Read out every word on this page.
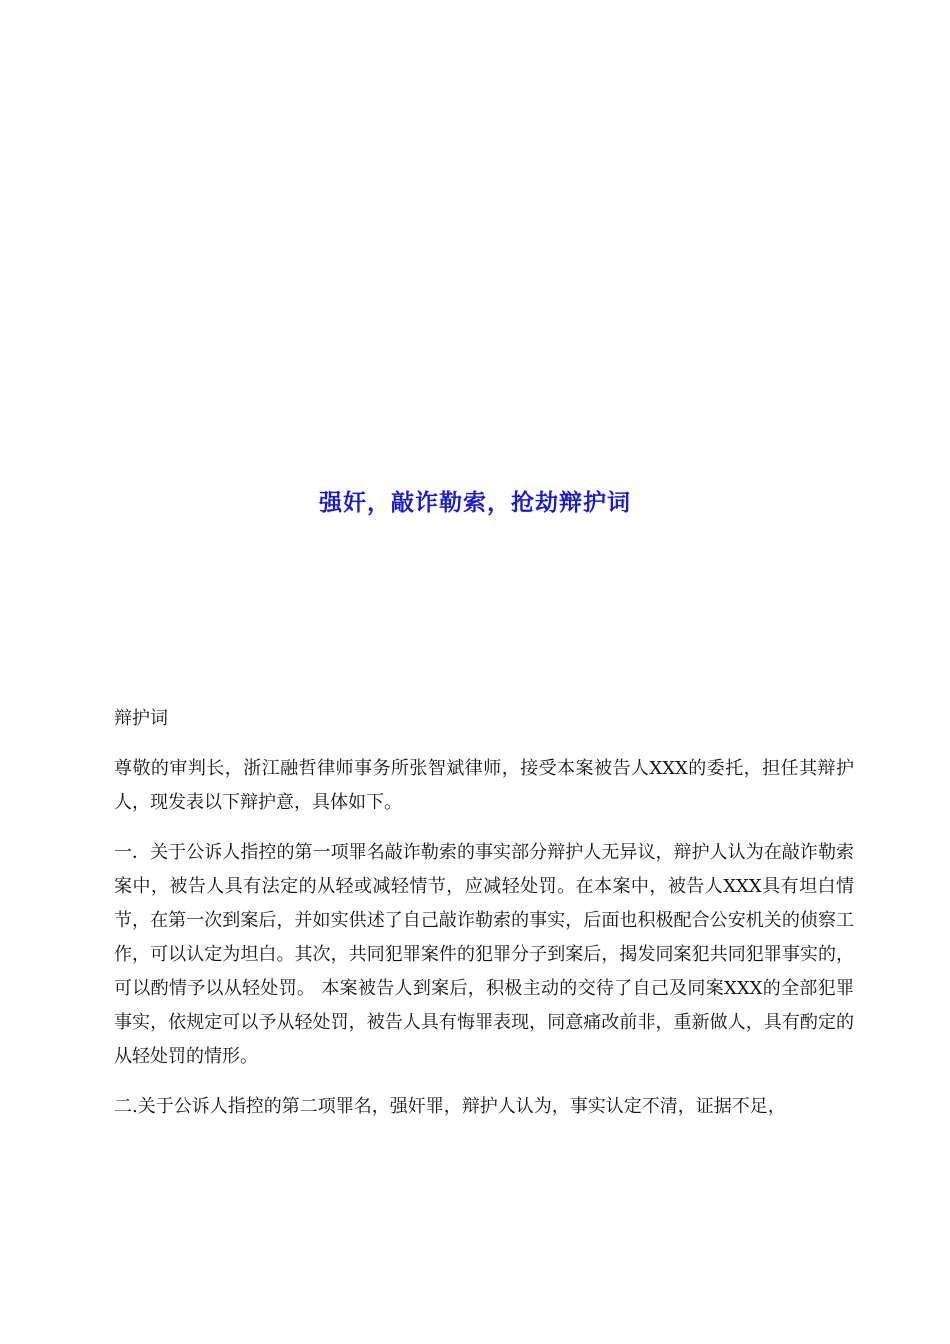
强奸，敲诈勒索，抢劫辩护词

辩护词

尊敬的审判长，浙江融哲律师事务所张智斌律师，接受本案被告人XXX的委托，担任其辩护人，现发表以下辩护意，具体如下。

一．关于公诉人指控的第一项罪名敲诈勒索的事实部分辩护人无异议，辩护人认为在敲诈勒索案中，被告人具有法定的从轻或减轻情节，应减轻处罚。在本案中，被告人XXX具有坦白情节，在第一次到案后，并如实供述了自己敲诈勒索的事实，后面也积极配合公安机关的侦察工作，可以认定为坦白。其次，共同犯罪案件的犯罪分子到案后，揭发同案犯共同犯罪事实的，可以酌情予以从轻处罚。 本案被告人到案后，积极主动的交待了自己及同案XXX的全部犯罪事实，依规定可以予从轻处罚，被告人具有悔罪表现，同意痛改前非，重新做人，具有酌定的从轻处罚的情形。

二.关于公诉人指控的第二项罪名，强奸罪，辩护人认为，事实认定不清，证据不足，
